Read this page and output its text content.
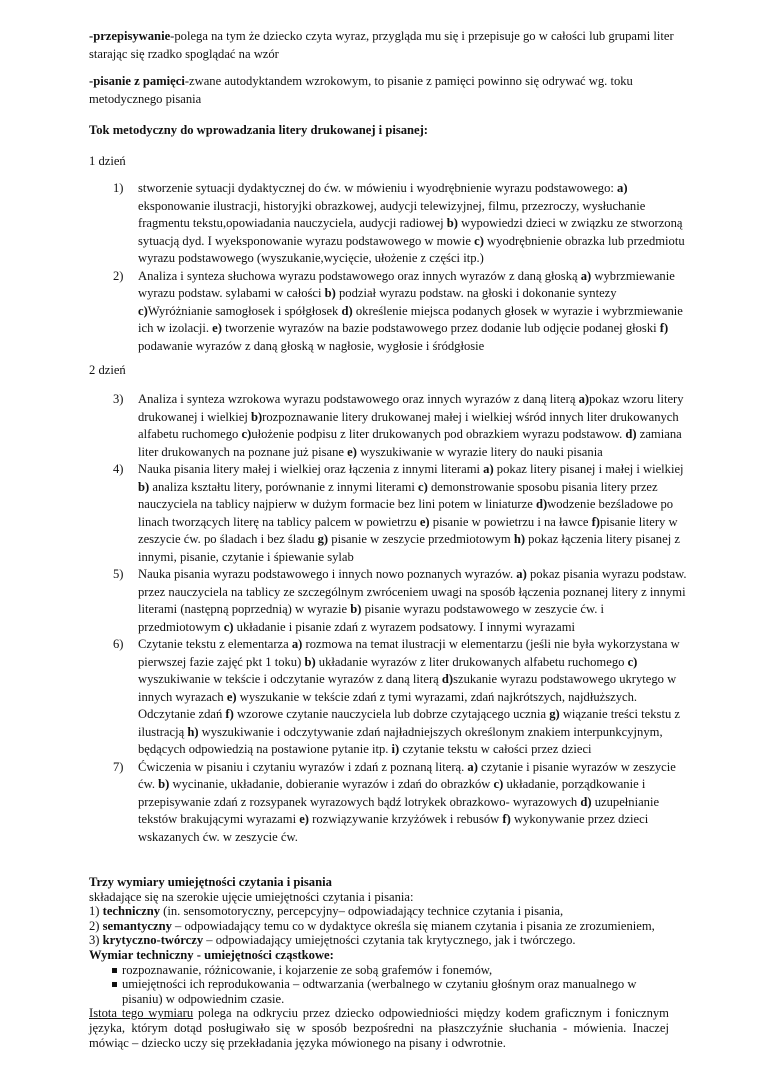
-przepisywanie-polega na tym że dziecko czyta wyraz, przygląda mu się i przepisuje go w całości lub grupami liter starając się rzadko spoglądać na wzór

-pisanie z pamięci-zwane autodyktandem wzrokowym, to pisanie z pamięci powinno się odrywać wg. toku metodycznego pisania

Tok metodyczny do wprowadzania litery drukowanej i pisanej:

1 dzień

1) stworzenie sytuacji dydaktycznej do ćw. w mówieniu i wyodrębnienie wyrazu podstawowego: a) eksponowanie ilustracji, historyjki obrazkowej, audycji telewizyjnej, filmu, przezroczy, wysłuchanie fragmentu tekstu,opowiadania nauczyciela, audycji radiowej b) wypowiedzi dzieci w związku ze stworzoną sytuacją dyd. I wyeksponowanie wyrazu podstawowego w mowie c) wyodrębnienie obrazka lub przedmiotu wyrazu podstawowego (wyszukanie,wycięcie, ułożenie z części itp.)
2) Analiza i synteza słuchowa wyrazu podstawowego oraz innych wyrazów z daną głoską a) wybrzmiewanie wyrazu podstaw. sylabami w całości b) podział wyrazu podstaw. na głoski i dokonanie syntezy c)Wyróżnianie samogłosek i spółgłosek d) określenie miejsca podanych głosek w wyrazie i wybrzmiewanie ich w izolacji. e) tworzenie wyrazów na bazie podstawowego przez dodanie lub odjęcie podanej głoski f) podawanie wyrazów z daną głoską w nagłosie, wygłosie i śródgłosie

2 dzień

3) Analiza i synteza wzrokowa wyrazu podstawowego oraz innych wyrazów z daną literą a)pokaz wzoru litery drukowanej i wielkiej b)rozpoznawanie litery drukowanej małej i wielkiej wśród innych liter drukowanych alfabetu ruchomego c)ułożenie podpisu z liter drukowanych pod obrazkiem wyrazu podstawow. d) zamiana liter drukowanych na poznane już pisane e) wyszukiwanie w wyrazie litery do nauki pisania
4) Nauka pisania litery małej i wielkiej oraz łączenia z innymi literami a) pokaz litery pisanej i małej i wielkiej b) analiza kształtu litery, porównanie z innymi literami c) demonstrowanie sposobu pisania litery przez nauczyciela na tablicy najpierw w dużym formacie bez lini potem w liniaturze d)wodzenie bezśladowe po linach tworzących literę na tablicy palcem w powietrzu e) pisanie w powietrzu i na ławce f)pisanie litery w zeszycie ćw. po śladach i bez śladu g) pisanie w zeszycie przedmiotowym h) pokaz łączenia litery pisanej z innymi, pisanie, czytanie i śpiewanie sylab
5) Nauka pisania wyrazu podstawowego i innych nowo poznanych wyrazów. a) pokaz pisania wyrazu podstaw. przez nauczyciela na tablicy ze szczególnym zwróceniem uwagi na sposób łączenia poznanej litery z innymi literami (następną poprzednią) w wyrazie b) pisanie wyrazu podstawowego w zeszycie ćw. i przedmiotowym c) układanie i pisanie zdań z wyrazem podsatowy. I innymi wyrazami
6) Czytanie tekstu z elementarza a) rozmowa na temat ilustracji w elementarzu (jeśli nie była wykorzystana w pierwszej fazie zajęć pkt 1 toku) b) układanie wyrazów z liter drukowanych alfabetu ruchomego c) wyszukiwanie w tekście i odczytanie wyrazów z daną literą d)szukanie wyrazu podstawowego ukrytego w innych wyrazach e) wyszukanie w tekście zdań z tymi wyrazami, zdań najkrótszych, najdłuższych. Odczytanie zdań f) wzorowe czytanie nauczyciela lub dobrze czytającego ucznia g) wiązanie treści tekstu z ilustracją h) wyszukiwanie i odczytywanie zdań najładniejszych określonym znakiem interpunkcyjnym, będących odpowiedzią na postawione pytanie itp. i) czytanie tekstu w całości przez dzieci
7) Ćwiczenia w pisaniu i czytaniu wyrazów i zdań z poznaną literą. a) czytanie i pisanie wyrazów w zeszycie ćw. b) wycinanie, układanie, dobieranie wyrazów i zdań do obrazków c) układanie, porządkowanie i przepisywanie zdań z rozsypanek wyrazowych bądź lotrykek obrazkowo- wyrazowych d) uzupełnianie tekstów brakującymi wyrazami e) rozwiązywanie krzyżówek i rebusów f) wykonywanie przez dzieci wskazanych ćw. w zeszycie ćw.

Trzy wymiary umiejętności czytania i pisania

składające się na szerokie ujęcie umiejętności czytania i pisania:

1) techniczny (in. sensomotoryczny, percepcyjny– odpowiadający technice czytania i pisania,

2) semantyczny – odpowiadający temu co w dydaktyce określa się mianem czytania i pisania ze zrozumieniem,

3) krytyczno-twórczy – odpowiadający umiejętności czytania tak krytycznego, jak i twórczego.

Wymiar techniczny - umiejętności cząstkowe:

rozpoznawanie, różnicowanie, i kojarzenie ze sobą grafemów i fonemów,
umiejętności ich reprodukowania – odtwarzania (werbalnego w czytaniu głośnym oraz manualnego w pisaniu) w odpowiednim czasie.

Istota tego wymiaru polega na odkryciu przez dziecko odpowiedniości między kodem graficznym i fonicznym języka, którym dotąd posługiwało się w sposób bezpośredni na płaszczyźnie słuchania - mówienia. Inaczej mówiąc – dziecko uczy się przekładania języka mówionego na pisany i odwrotnie.
